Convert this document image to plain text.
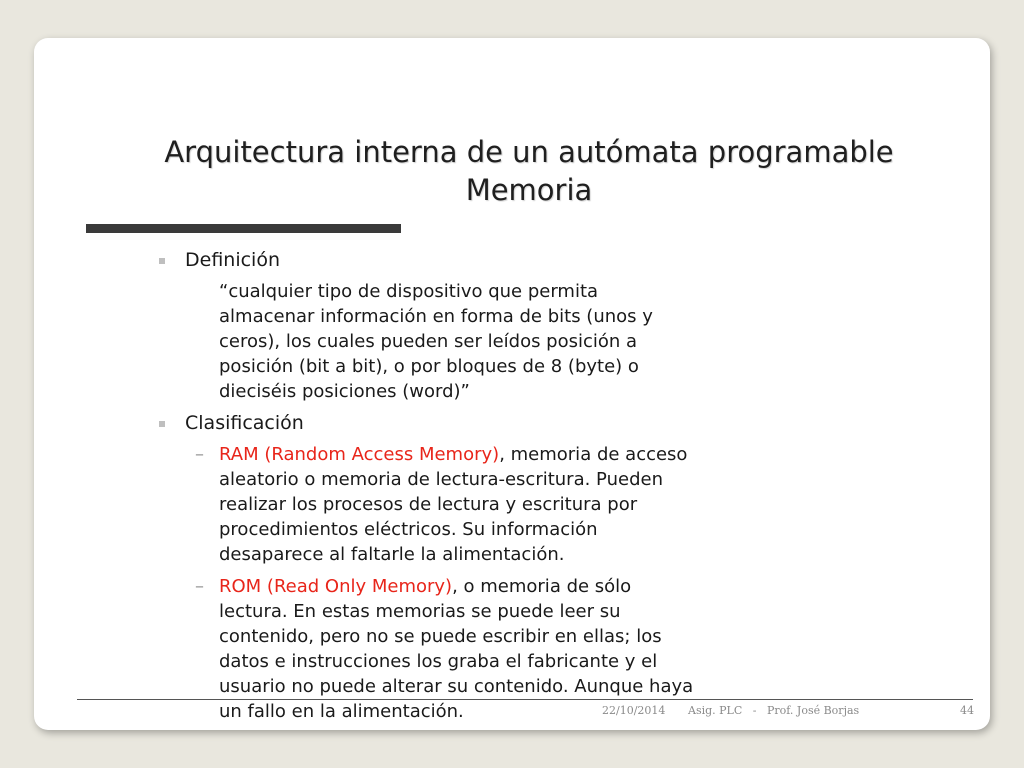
Arquitectura interna de un autómata programable
Memoria
Definición
“cualquier tipo de dispositivo que permita almacenar información en forma de bits (unos y ceros), los cuales pueden ser leídos posición a posición (bit a bit), o por bloques de 8 (byte) o dieciséis posiciones (word)”
Clasificación
– RAM (Random Access Memory), memoria de acceso aleatorio o memoria de lectura-escritura. Pueden realizar los procesos de lectura y escritura por procedimientos eléctricos. Su información desaparece al faltarle la alimentación.
– ROM (Read Only Memory), o memoria de sólo lectura. En estas memorias se puede leer su contenido, pero no se puede escribir en ellas; los datos e instrucciones los graba el fabricante y el usuario no puede alterar su contenido. Aunque haya un fallo en la alimentación.	22/10/2014 Asig. PLC   -   Prof. José Borjas	44
